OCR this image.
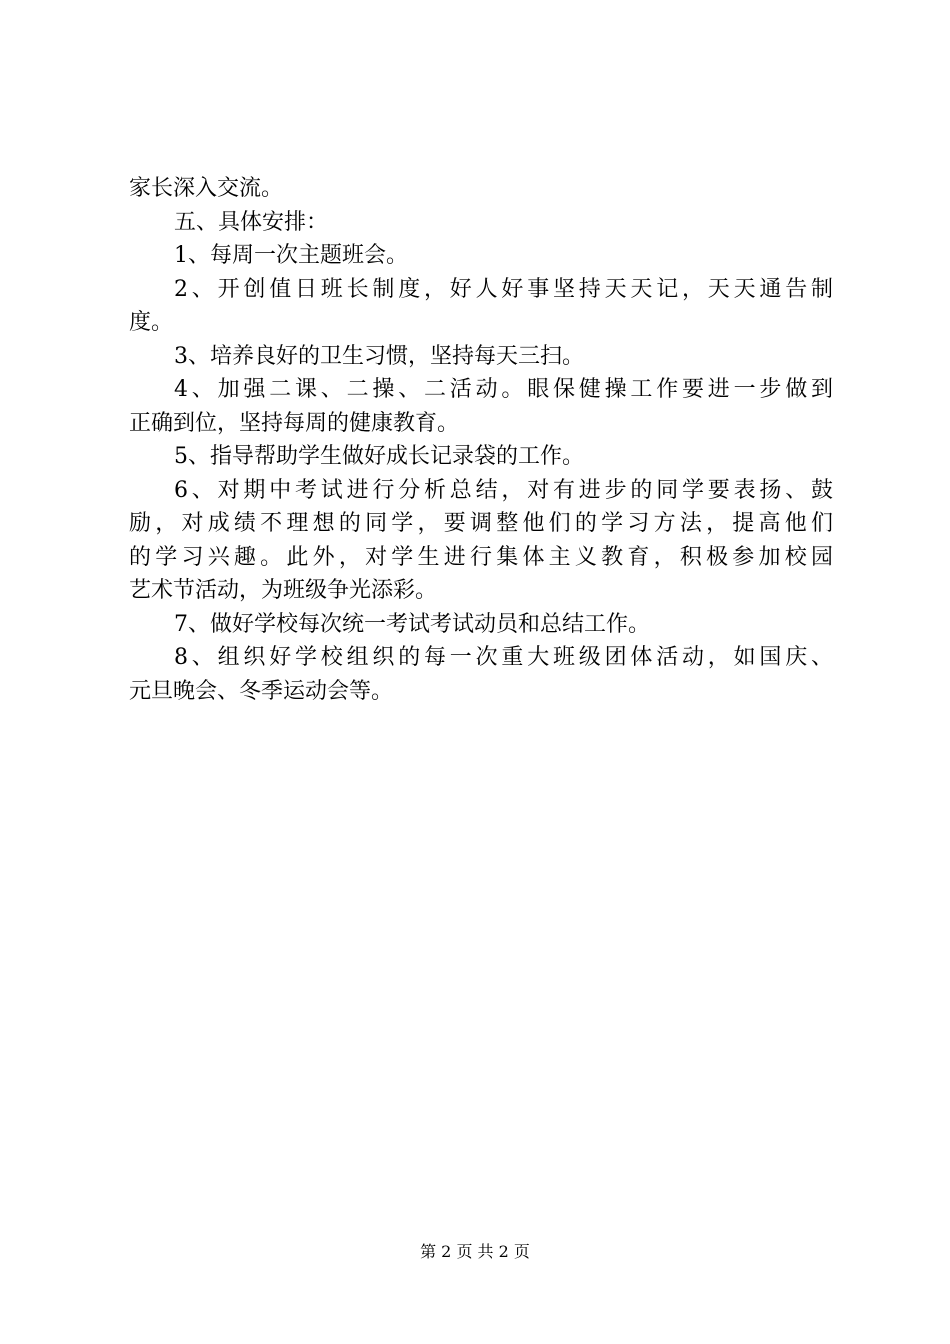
家长深入交流。
五、具体安排：
1、每周一次主题班会。
2、开创值日班长制度，好人好事坚持天天记，天天通告制
度。
3、培养良好的卫生习惯，坚持每天三扫。
4、加强二课、二操、二活动。眼保健操工作要进一步做到
正确到位，坚持每周的健康教育。
5、指导帮助学生做好成长记录袋的工作。
6、对期中考试进行分析总结，对有进步的同学要表扬、鼓
励，对成绩不理想的同学，要调整他们的学习方法，提高他们
的学习兴趣。此外，对学生进行集体主义教育，积极参加校园
艺术节活动，为班级争光添彩。
7、做好学校每次统一考试考试动员和总结工作。
8、组织好学校组织的每一次重大班级团体活动，如国庆、
元旦晚会、冬季运动会等。
第 2 页 共 2 页
